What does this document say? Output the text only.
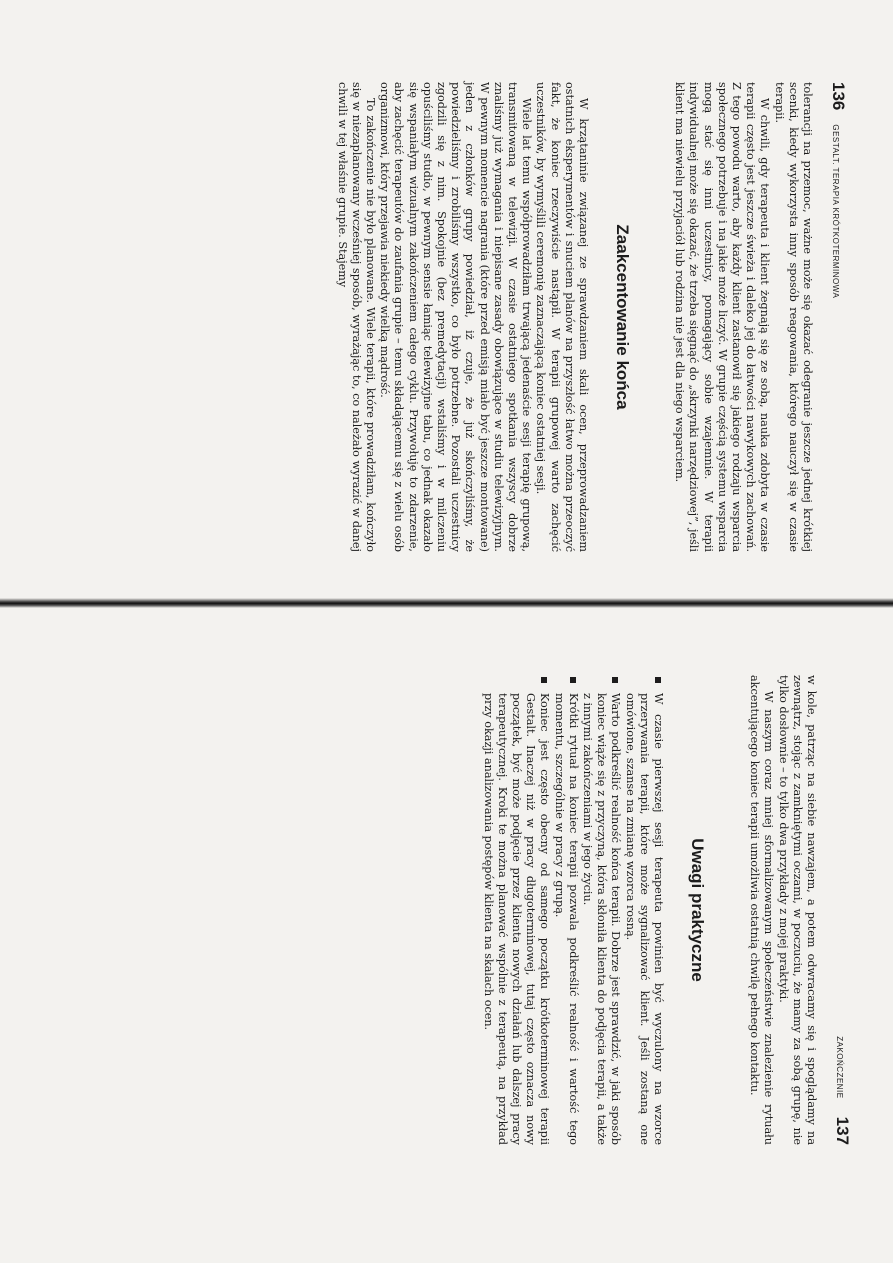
136
GESTALT. TERAPIA KRÓTKOTERMINOWA

tolerancji na przemoc, ważne może się okazać odegranie jeszcze jednej krótkiej scenki, kiedy wykorzysta inny sposób reagowania, którego nauczył się w czasie terapii.

W chwili, gdy terapeuta i klient żegnają się ze sobą, nauka zdobyta w czasie terapii często jest jeszcze świeża i daleko jej do łatwości nawykowych zachowań. Z tego powodu warto, aby każdy klient zastanowił się jakiego rodzaju wsparcia społecznego potrzebuje i na jakie może liczyć. W grupie częścią systemu wsparcia mogą stać się inni uczestnicy, pomagający sobie wzajemnie. W terapii indywidualnej może się okazać, że trzeba sięgnąć do „skrzynki narzędziowej”, jeśli klient ma niewielu przyjaciół lub rodzina nie jest dla niego wsparciem.

Zaakcentowanie końca

W krzątaninie związanej ze sprawdzaniem skali ocen, przeprowadzaniem ostatnich eksperymentów i snuciem planów na przyszłość łatwo można przeoczyć fakt, że koniec rzeczywiście nastąpił. W terapii grupowej warto zachęcić uczestników, by wymyślili ceremonię zaznaczającą koniec ostatniej sesji.

Wiele lat temu współprowadziłam trwającą jedenaście sesji terapię grupową, transmitowaną w telewizji. W czasie ostatniego spotkania wszyscy dobrze znaliśmy już wymagania i niepisane zasady obowiązujące w studiu telewizyjnym. W pewnym momencie nagrania (które przed emisją miało być jeszcze montowane) jeden z członków grupy powiedział, iż czuje, że już skończyliśmy, że powiedzieliśmy i zrobiliśmy wszystko, co było potrzebne. Pozostali uczestnicy zgodzili się z nim. Spokojnie (bez premedytacji) wstaliśmy i w milczeniu opuściliśmy studio, w pewnym sensie łamiąc telewizyjne tabu, co jednak okazało się wspaniałym wizualnym zakończeniem całego cyklu. Przywołuję to zdarzenie, aby zachęcić terapeutów do zaufania grupie – temu składającemu się z wielu osób organizmowi, który przejawia niekiedy wielką mądrość.

To zakończenie nie było planowane. Wiele terapii, które prowadziłam, kończyło się w niezaplanowany wcześniej sposób, wyrażając to, co należało wyrazić w danej chwili w tej właśnie grupie. Stajemy

ZAKOŃCZENIE
137

w kole, patrząc na siebie nawzajem, a potem odwracamy się i spoglądamy na zewnątrz, stojąc z zamkniętymi oczami, w poczuciu, że mamy za sobą grupę, nie tylko dosłownie – to tylko dwa przykłady z mojej praktyki.

W naszym coraz mniej sformalizowanym społeczeństwie znalezienie rytuału akcentującego koniec terapii umożliwia ostatnią chwilę pełnego kontaktu.

Uwagi praktyczne
W czasie pierwszej sesji terapeuta powinien być wyczulony na wzorce przerywania terapii, które może sygnalizować klient. Jeśli zostaną one omówione, szanse na zmianę wzorca rosną.
Warto podkreślić realność końca terapii. Dobrze jest sprawdzić, w jaki sposób koniec wiąże się z przyczyną, która skłoniła klienta do podjęcia terapii, a także z innymi zakończeniami w jego życiu.
Krótki rytuał na koniec terapii pozwala podkreślić realność i wartość tego momentu, szczególnie w pracy z grupą.
Koniec jest często obecny od samego początku krótkoterminowej terapii Gestalt. Inaczej niż w pracy długoterminowej, tutaj często oznacza nowy początek, być może podjęcie przez klienta nowych działań lub dalszej pracy terapeutycznej. Kroki te można planować wspólnie z terapeutą, na przykład przy okazji analizowania postępów klienta na skalach ocen.
